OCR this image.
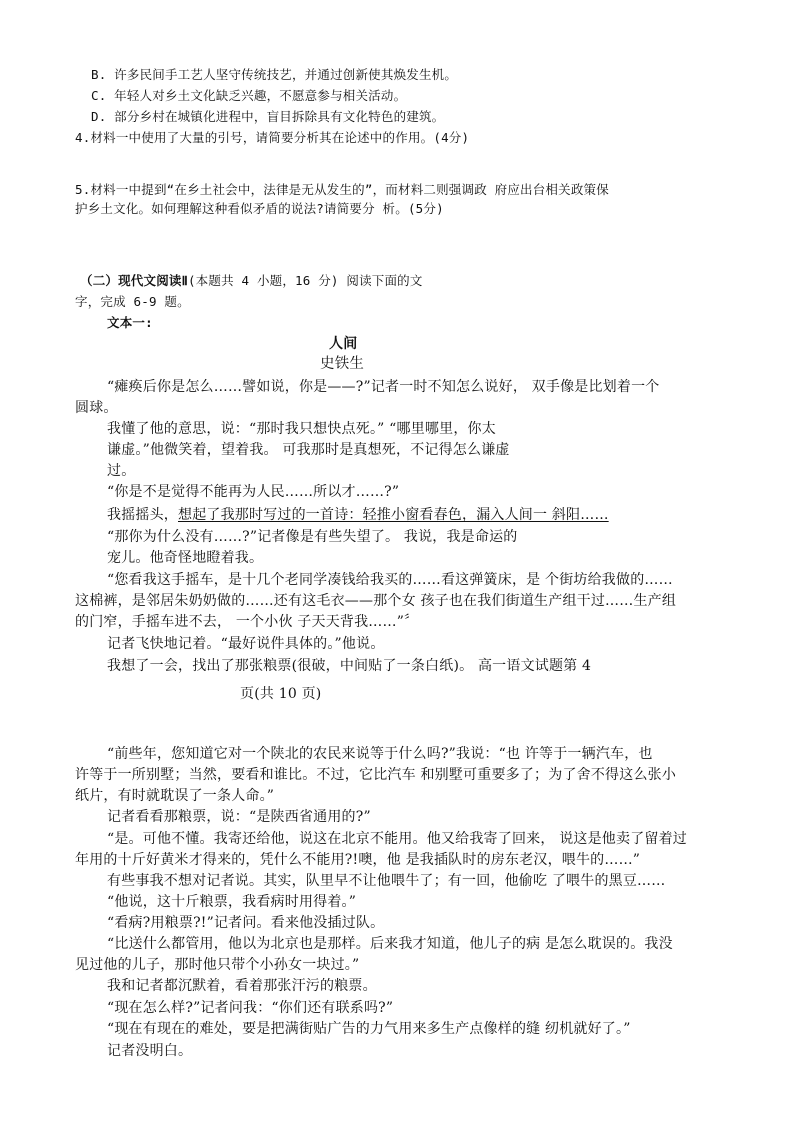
B. 许多民间手工艺人坚守传统技艺，并通过创新使其焕发生机。
C. 年轻人对乡土文化缺乏兴趣，不愿意参与相关活动。
D. 部分乡村在城镇化进程中，盲目拆除具有文化特色的建筑。
4.材料一中使用了大量的引号，请简要分析其在论述中的作用。(4分)
5.材料一中提到“在乡土社会中，法律是无从发生的”，而材料二则强调政 府应出台相关政策保
护乡土文化。如何理解这种看似矛盾的说法?请简要分 析。(5分)
（二）现代文阅读Ⅱ(本题共 4 小题，16 分) 阅读下面的文
字，完成 6-9 题。
文本一:
人间
史铁生
“瘫痪后你是怎么……譬如说，你是——?”记者一时不知怎么说好， 双手像是比划着一个
圆球。
我懂了他的意思，说：“那时我只想快点死。” “哪里哪里，你太
谦虚。”他微笑着，望着我。 可我那时是真想死，不记得怎么谦虚
过。
“你是不是觉得不能再为人民……所以才……?”
我摇摇头，想起了我那时写过的一首诗：轻推小窗看春色，漏入人间一 斜阳……
“那你为什么没有……?”记者像是有些失望了。 我说，我是命运的
宠儿。他奇怪地瞪着我。
“您看我这手摇车，是十几个老同学凑钱给我买的……看这弹簧床，是 个街坊给我做的……
这棉裤，是邻居朱奶奶做的……还有这毛衣——那个女 孩子也在我们街道生产组干过……生产组
的门窄，手摇车进不去， 一个小伙 子天天背我……”〞
记者飞快地记着。“最好说件具体的。”他说。
我想了一会，找出了那张粮票(很破，中间贴了一条白纸)。 高一语文试题第 4
页(共 10 页)
“前些年，您知道它对一个陕北的农民来说等于什么吗?”我说：“也 许等于一辆汽车，也
许等于一所别墅；当然，要看和谁比。不过，它比汽车 和别墅可重要多了；为了舍不得这么张小
纸片，有时就耽误了一条人命。”
记者看看那粮票，说：“是陕西省通用的?”
“是。可他不懂。我寄还给他，说这在北京不能用。他又给我寄了回来， 说这是他卖了留着过
年用的十斤好黄米才得来的，凭什么不能用?!噢，他 是我插队时的房东老汉，喂牛的……”
有些事我不想对记者说。其实，队里早不让他喂牛了；有一回，他偷吃 了喂牛的黑豆……
“他说，这十斤粮票，我看病时用得着。”
“看病?用粮票?!”记者问。看来他没插过队。
“比送什么都管用，他以为北京也是那样。后来我才知道，他儿子的病 是怎么耽误的。我没
见过他的儿子，那时他只带个小孙女一块过。”
我和记者都沉默着，看着那张汗污的粮票。
“现在怎么样?”记者问我：“你们还有联系吗?”
“现在有现在的难处，要是把满街贴广告的力气用来多生产点像样的缝 纫机就好了。”
记者没明白。
